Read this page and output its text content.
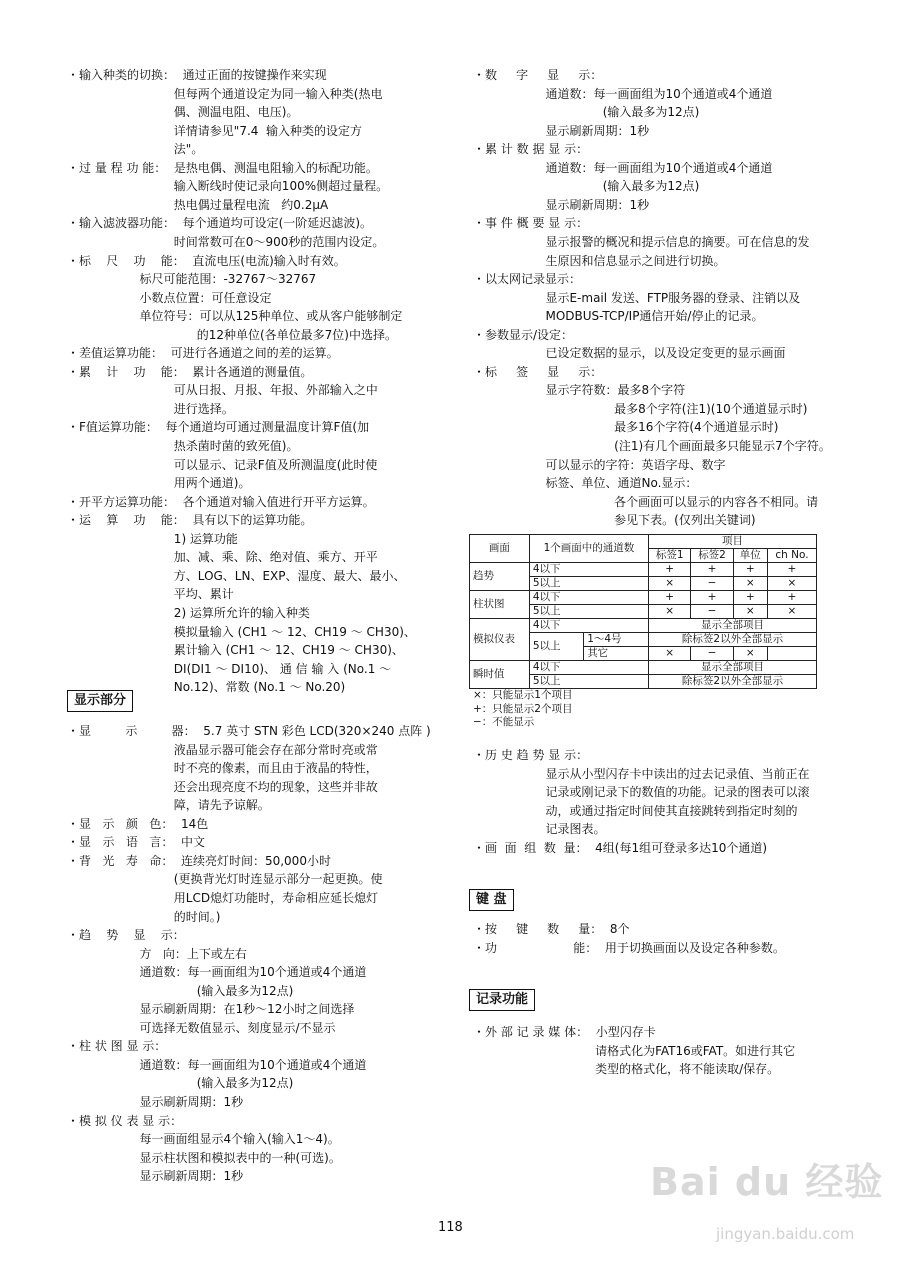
・输入种类的切换：  通过正面的按键操作来实现
但每两个通道设定为同一输入种类(热电
偶、测温电阻、电压)。
详情请参见"7.4  输入种类的设定方
法"。
・过 量 程 功 能：  是热电偶、测温电阻输入的标配功能。
输入断线时使记录向100%侧超过量程。
热电偶过量程电流   约0.2μA
・输入滤波器功能：  每个通道均可设定(一阶延迟滤波)。
时间常数可在0～900秒的范围内设定。
・标    尺    功    能：  直流电压(电流)输入时有效。
标尺可能范围：-32767～32767
小数点位置：可任意设定
单位符号：可以从125种单位、或从客户能够制定
的12种单位(各单位最多7位)中选择。
・差值运算功能：  可进行各通道之间的差的运算。
・累    计    功    能：  累计各通道的测量值。
可从日报、月报、年报、外部输入之中
进行选择。
・F值运算功能：  每个通道均可通过测量温度计算F值(加
热杀菌时菌的致死值)。
可以显示、记录F值及所测温度(此时使
用两个通道)。
・开平方运算功能：  各个通道对输入值进行开平方运算。
・运    算    功    能：  具有以下的运算功能。
1) 运算功能
加、减、乘、除、绝对值、乘方、开平
方、LOG、LN、EXP、湿度、最大、最小、
平均、累计
2) 运算所允许的输入种类
模拟量输入 (CH1 ～ 12、CH19 ～ CH30)、
累计输入 (CH1 ～ 12、CH19 ～ CH30)、
DI(DI1 ～ DI10)、 通 信 输 入 (No.1 ～
No.12)、常数 (No.1 ～ No.20)
・显         示         器：  5.7 英寸 STN 彩色 LCD(320×240 点阵 )
液晶显示器可能会存在部分常时亮或常
时不亮的像素，而且由于液晶的特性，
还会出现亮度不均的现象，这些并非故
障，请先予谅解。
・显   示   颜   色：  14色
・显   示   语   言：  中文
・背   光   寿   命：  连续亮灯时间：50,000小时
(更换背光灯时连显示部分一起更换。使
用LCD熄灯功能时，寿命相应延长熄灯
的时间。)
・趋    势    显    示：
方   向：上下或左右
通道数：每一画面组为10个通道或4个通道
(输入最多为12点)
显示刷新周期：在1秒～12小时之间选择
可选择无数值显示、刻度显示/不显示
・柱 状 图 显 示：
通道数：每一画面组为10个通道或4个通道
(输入最多为12点)
显示刷新周期：1秒
・模 拟 仪 表 显 示：
每一画面组显示4个输入(输入1～4)。
显示柱状图和模拟表中的一种(可选)。
显示刷新周期：1秒
显示部分
・数     字     显     示：
通道数：每一画面组为10个通道或4个通道
(输入最多为12点)
显示刷新周期：1秒
・累 计 数 据 显 示：
通道数：每一画面组为10个通道或4个通道
(输入最多为12点)
显示刷新周期：1秒
・事 件 概 要 显 示：
显示报警的概况和提示信息的摘要。可在信息的发
生原因和信息显示之间进行切换。
・以太网记录显示：
显示E-mail 发送、FTP服务器的登录、注销以及
MODBUS-TCP/IP通信开始/停止的记录。
・参数显示/设定：
已设定数据的显示，以及设定变更的显示画面
・标     签     显     示：
显示字符数：最多8个字符
最多8个字符(注1)(10个通道显示时)
最多16个字符(4个通道显示时)
(注1)有几个画面最多只能显示7个字符。
可以显示的字符：英语字母、数字
标签、单位、通道No.显示：
各个画面可以显示的内容各不相同。请
参见下表。(仅列出关键词)
画面	1个画面中的通道数		项目			
			标签1	标签2	单位	ch No.
趋势	4以下		+	+	+	+
	5以上		×	−	×	×
柱状图	4以下		+	+	+	+
	5以上		×	−	×	×
模拟仪表	4以下		显示全部项目			
	5以上	1～4号	除标签2以外全部显示			
		其它	×	−	×	
瞬时值	4以下		显示全部项目			
	5以上		除标签2以外全部显示			
×：只能显示1个项目
+：只能显示2个项目
−：不能显示
・历 史 趋 势 显 示：
显示从小型闪存卡中读出的过去记录值、当前正在
记录或刚记录下的数值的功能。记录的图表可以滚
动，或通过指定时间使其直接跳转到指定时刻的
记录图表。
・画  面  组  数  量：  4组(每1组可登录多达10个通道)
键 盘
・按     键     数     量：  8个
・功                    能：  用于切换画面以及设定各种参数。
记录功能
・外 部 记 录 媒 体：  小型闪存卡
请格式化为FAT16或FAT。如进行其它
类型的格式化，将不能读取/保存。
118
Bai du 经验
jingyan.baidu.com
